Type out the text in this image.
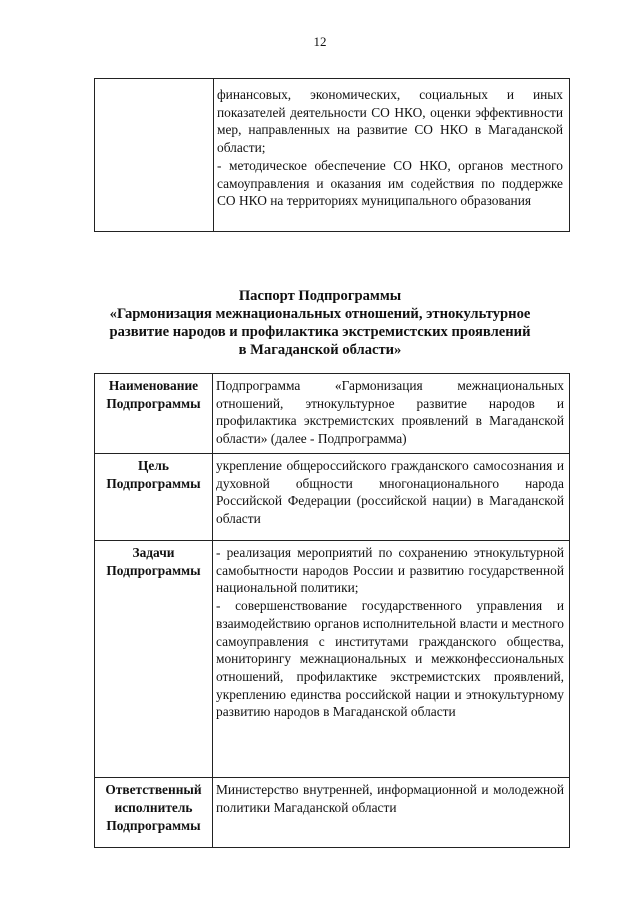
12

финансовых, экономических, социальных и иных показателей деятельности СО НКО, оценки эффективности мер, направленных на развитие СО НКО в Магаданской области;

- методическое обеспечение СО НКО, органов местного самоуправления и оказания им содействия по поддержке СО НКО на территориях муниципального образования

Паспорт Подпрограммы
«Гармонизация межнациональных отношений, этнокультурное
развитие народов и профилактика экстремистских проявлений
в Магаданской области»
Наименование Подпрограммы	Подпрограмма «Гармонизация межнациональных отношений, этнокультурное развитие народов и профилактика экстремистских проявлений в Магаданской области» (далее - Подпрограмма)

Цель Подпрограммы	укрепление общероссийского гражданского самосознания и духовной общности многонационального народа Российской Федерации (российской нации) в Магаданской области

Задачи Подпрограммы	- реализация мероприятий по сохранению этнокультурной самобытности народов России и развитию государственной национальной политики;

- совершенствование государственного управления и взаимодействию органов исполнительной власти и местного самоуправления с институтами гражданского общества, мониторингу межнациональных и межконфессиональных отношений, профилактике экстремистских проявлений, укреплению единства российской нации и этнокультурному развитию народов в Магаданской области

Ответственный исполнитель Подпрограммы	Министерство внутренней, информационной и молодежной политики Магаданской области
